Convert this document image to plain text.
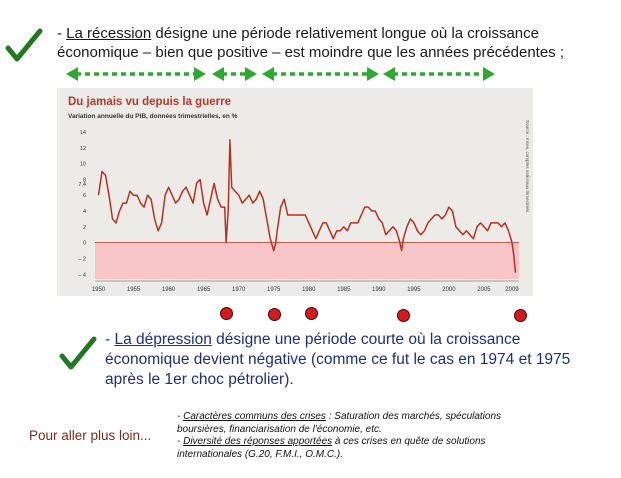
- La récession désigne une période relativement longue où la croissance
économique – bien que positive – est moindre que les années précédentes ;
Du jamais vu depuis la guerre
Variation annuelle du PIB, données trimestrielles, en %
Source : Insee, comptes nationaux trimestriels
14
12
10
8
7,4
6
4
2
0
– 2
– 4
1950	1955	1960	1965	1970	1975	1980	1985	1990	1995	2000	2005 2009
- La dépression désigne une période courte où la croissance
économique devient négative (comme ce fut le cas en 1974 et 1975
après le 1er choc pétrolier).
Pour aller plus loin...
- Caractères communs des crises : Saturation des marchés, spéculations
boursières, financiarisation de l'économie, etc.
- Diversité des réponses apportées à ces crises en quête de solutions
internationales (G.20, F.M.I., O.M.C.).
